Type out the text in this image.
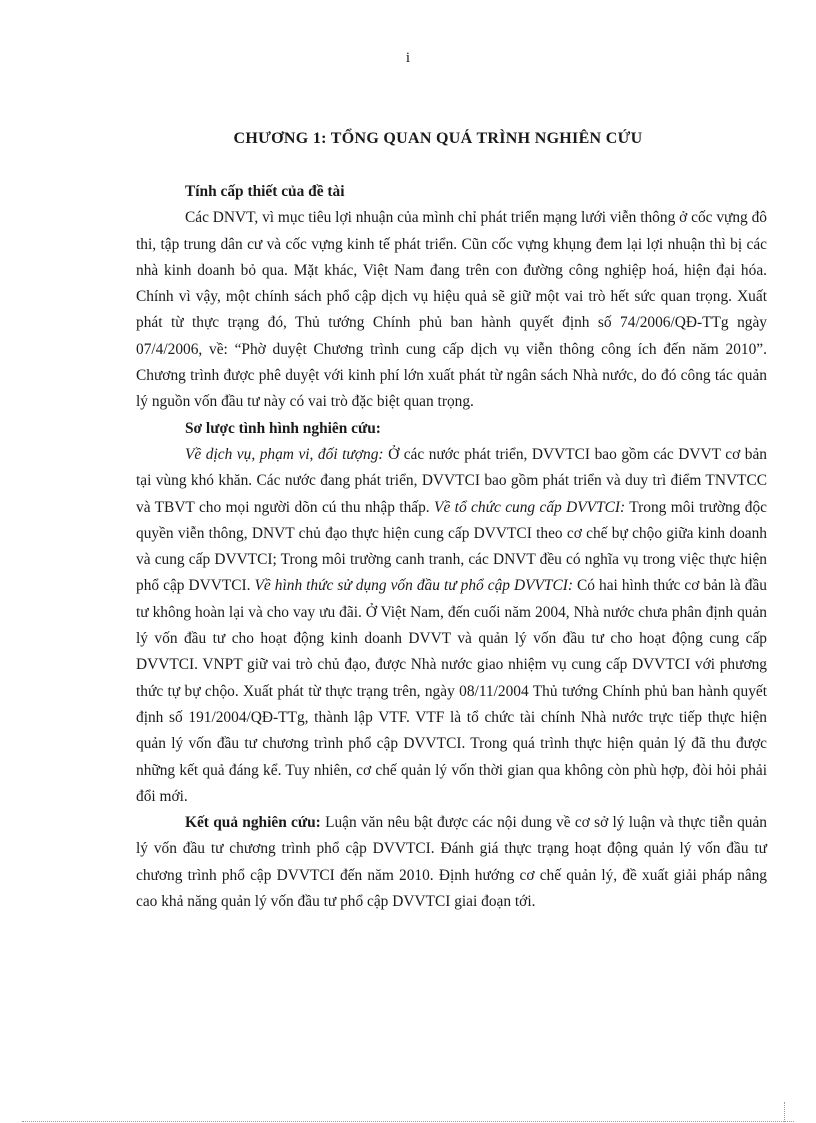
i
CHƯƠNG 1: TỔNG QUAN QUÁ TRÌNH NGHIÊN CỨU

Tính cấp thiết của đề tài

Các DNVT, vì mục tiêu lợi nhuận của mình chỉ phát triển mạng lưới viễn thông ở cốc vựng đô thi, tập trung dân cư và cốc vựng kinh tế phát triển. Cũn cốc vựng khụng đem lại lợi nhuận thì bị các nhà kinh doanh bỏ qua. Mặt khác, Việt Nam đang trên con đường công nghiệp hoá, hiện đại hóa. Chính vì vậy, một chính sách phổ cập dịch vụ hiệu quả sẽ giữ một vai trò hết sức quan trọng. Xuất phát từ thực trạng đó, Thủ tướng Chính phủ ban hành quyết định số 74/2006/QĐ-TTg ngày 07/4/2006, về: “Phờ duyệt Chương trình cung cấp dịch vụ viễn thông công ích đến năm 2010”. Chương trình được phê duyệt với kinh phí lớn xuất phát từ ngân sách Nhà nước, do đó công tác quản lý nguồn vốn đầu tư này có vai trò đặc biệt quan trọng.

Sơ lược tình hình nghiên cứu:

Về dịch vụ, phạm vi, đối tượng: Ở các nước phát triển, DVVTCI bao gồm các DVVT cơ bản tại vùng khó khăn. Các nước đang phát triển, DVVTCI bao gồm phát triển và duy trì điểm TNVTCC và TBVT cho mọi người dõn cú thu nhập thấp. Về tổ chức cung cấp DVVTCI: Trong môi trường độc quyền viễn thông, DNVT chủ đạo thực hiện cung cấp DVVTCI theo cơ chế bự chộo giữa kinh doanh và cung cấp DVVTCI; Trong môi trường canh tranh, các DNVT đều có nghĩa vụ trong việc thực hiện phổ cập DVVTCI. Về hình thức sử dụng vốn đầu tư phổ cập DVVTCI: Có hai hình thức cơ bản là đầu tư không hoàn lại và cho vay ưu đãi. Ở Việt Nam, đến cuối năm 2004, Nhà nước chưa phân định quản lý vốn đầu tư cho hoạt động kinh doanh DVVT và quản lý vốn đầu tư cho hoạt động cung cấp DVVTCI. VNPT giữ vai trò chủ đạo, được Nhà nước giao nhiệm vụ cung cấp DVVTCI với phương thức tự bự chộo. Xuất phát từ thực trạng trên, ngày 08/11/2004 Thủ tướng Chính phủ ban hành quyết định số 191/2004/QĐ-TTg, thành lập VTF. VTF là tổ chức tài chính Nhà nước trực tiếp thực hiện quản lý vốn đầu tư chương trình phổ cập DVVTCI. Trong quá trình thực hiện quản lý đã thu được những kết quả đáng kể. Tuy nhiên, cơ chế quản lý vốn thời gian qua không còn phù hợp, đòi hỏi phải đổi mới.

Kết quả nghiên cứu: Luận văn nêu bật được các nội dung về cơ sở lý luận và thực tiễn quản lý vốn đầu tư chương trình phổ cập DVVTCI. Đánh giá thực trạng hoạt động quản lý vốn đầu tư chương trình phổ cập DVVTCI đến năm 2010. Định hướng cơ chế quản lý, đề xuất giải pháp nâng cao khả năng quản lý vốn đầu tư phổ cập DVVTCI giai đoạn tới.
